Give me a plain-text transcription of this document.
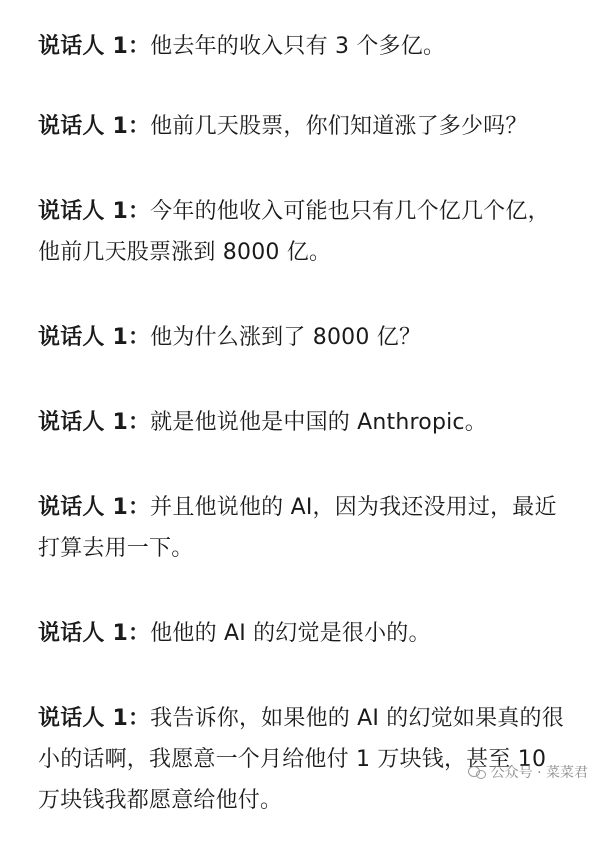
说话人 1：他去年的收入只有 3 个多亿。

说话人 1：他前几天股票，你们知道涨了多少吗？

说话人 1：今年的他收入可能也只有几个亿几个亿，他前几天股票涨到 8000 亿。

说话人 1：他为什么涨到了 8000 亿？

说话人 1：就是他说他是中国的 Anthropic。

说话人 1：并且他说他的 AI，因为我还没用过，最近打算去用一下。

说话人 1：他他的 AI 的幻觉是很小的。

说话人 1：我告诉你，如果他的 AI 的幻觉如果真的很小的话啊，我愿意一个月给他付 1 万块钱，甚至 10 万块钱我都愿意给他付。

公众号 · 菜菜君
